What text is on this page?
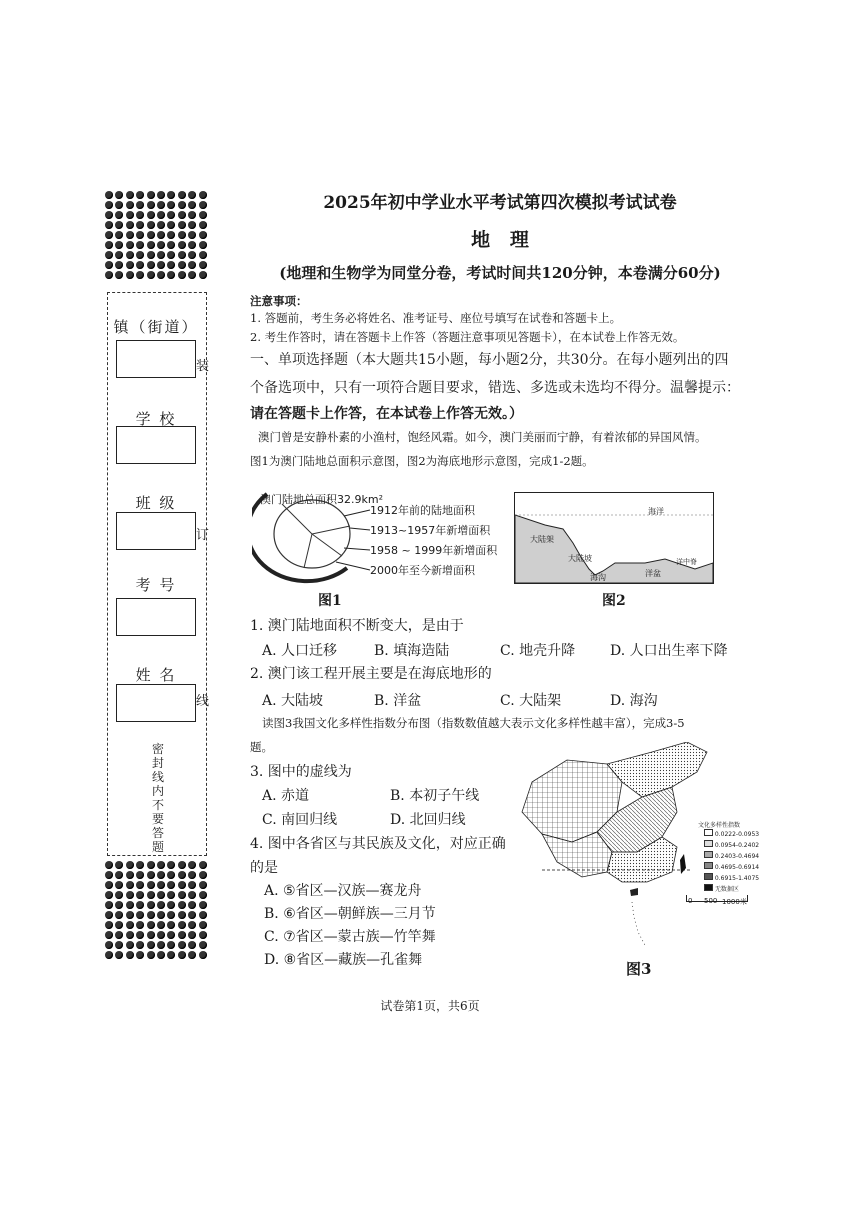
镇（街道）
学 校
班 级
考 号
姓 名
装
订
线
密
封
线
内
不
要
答
题
2025年初中学业水平考试第四次模拟考试试卷
地   理
(地理和生物学为同堂分卷，考试时间共120分钟，本卷满分60分)
注意事项：
1. 答题前，考生务必将姓名、准考证号、座位号填写在试卷和答题卡上。
2. 考生作答时，请在答题卡上作答（答题注意事项见答题卡），在本试卷上作答无效。
一、单项选择题（本大题共15小题，每小题2分，共30分。在每小题列出的四
个备选项中，只有一项符合题目要求，错选、多选或未选均不得分。温馨提示：
请在答题卡上作答，在本试卷上作答无效。）
澳门曾是安静朴素的小渔村，饱经风霜。如今，澳门美丽而宁静，有着浓郁的异国风情。
图1为澳门陆地总面积示意图，图2为海底地形示意图，完成1-2题。
澳门陆地总面积32.9km²
1912年前的陆地面积
1913~1957年新增面积
1958 ~ 1999年新增面积
2000年至今新增面积
图1
海洋
大陆架
大陆坡
海沟	洋盆
洋中脊
图2
1. 澳门陆地面积不断变大，是由于
A. 人口迁移	B. 填海造陆	C. 地壳升降 D. 人口出生率下降
2. 澳门该工程开展主要是在海底地形的
A. 大陆坡	B. 洋盆	C. 大陆架	D. 海沟
读图3我国文化多样性指数分布图（指数数值越大表示文化多样性越丰富），完成3-5
题。
3. 图中的虚线为
A. 赤道	B. 本初子午线
C. 南回归线	D. 北回归线
4. 图中各省区与其民族及文化，对应正确
的是
A. ⑤省区—汉族—赛龙舟
B. ⑥省区—朝鲜族—三月节
C. ⑦省区—蒙古族—竹竿舞
D. ⑧省区—藏族—孔雀舞
文化多样性指数
0.0222-0.0953
0.0954-0.2402
0.2403-0.4694
0.4695-0.6914
0.6915-1.4075
无数据区
0 500 1000米
图3
试卷第1页，共6页
